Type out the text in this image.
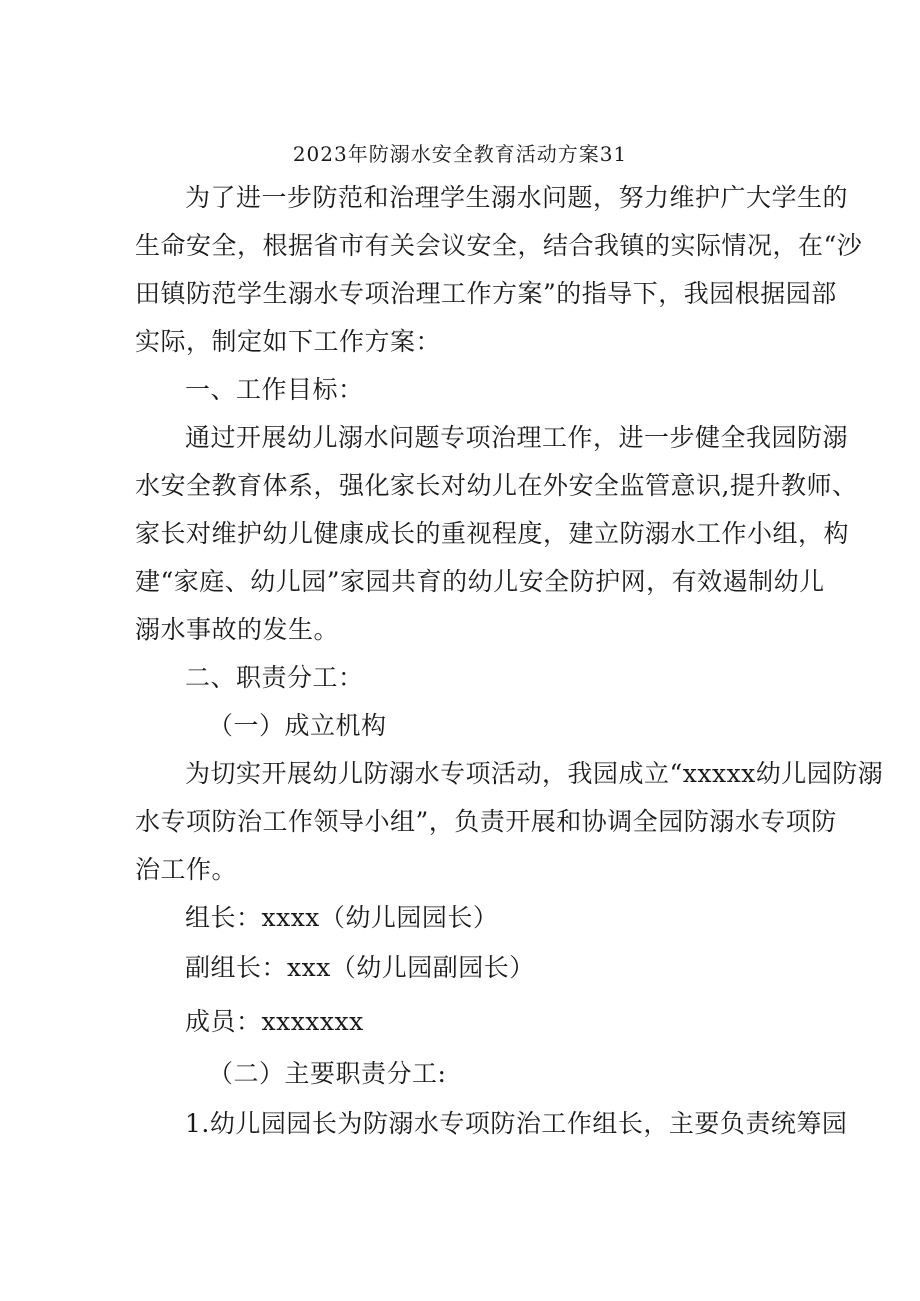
2023年防溺水安全教育活动方案31
为了进一步防范和治理学生溺水问题，努力维护广大学生的
生命安全，根据省市有关会议安全，结合我镇的实际情况，在“沙
田镇防范学生溺水专项治理工作方案”的指导下，我园根据园部
实际，制定如下工作方案：
一、工作目标：
通过开展幼儿溺水问题专项治理工作，进一步健全我园防溺
水安全教育体系，强化家长对幼儿在外安全监管意识,提升教师、
家长对维护幼儿健康成长的重视程度，建立防溺水工作小组，构
建“家庭、幼儿园”家园共育的幼儿安全防护网，有效遏制幼儿
溺水事故的发生。
二、职责分工：
（一）成立机构
为切实开展幼儿防溺水专项活动，我园成立“xxxxx幼儿园防溺
水专项防治工作领导小组”，负责开展和协调全园防溺水专项防
治工作。
组长：xxxx（幼儿园园长）
副组长：xxx（幼儿园副园长）
成员：xxxxxxx
（二）主要职责分工:
1.幼儿园园长为防溺水专项防治工作组长，主要负责统筹园
